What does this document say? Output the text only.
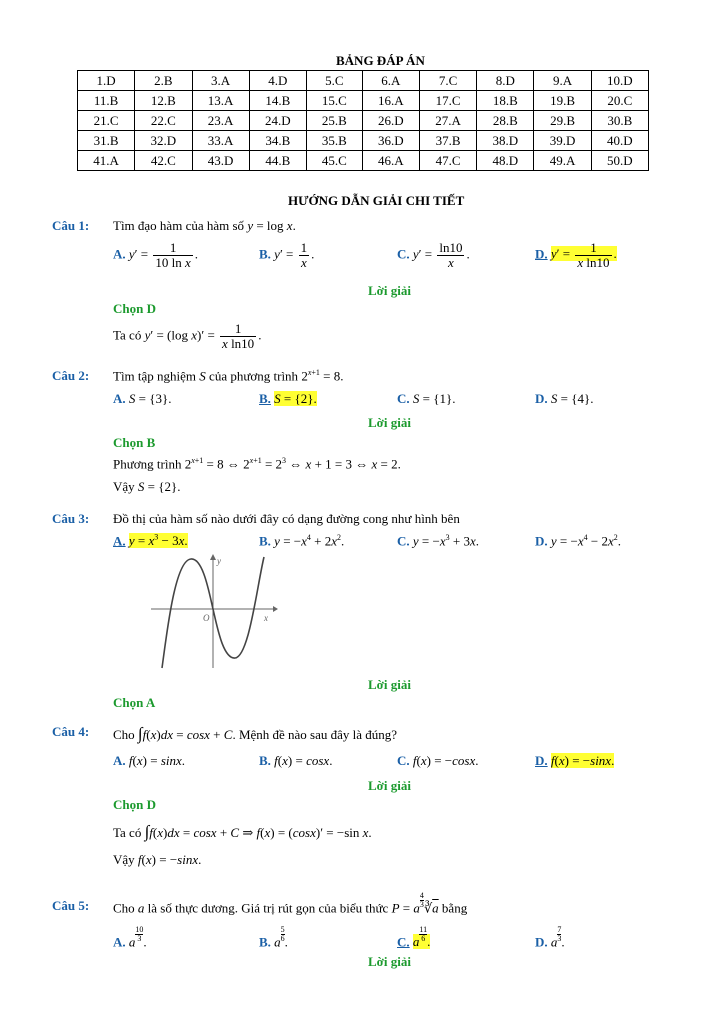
BẢNG ĐÁP ÁN
1.D	2.B	3.A	4.D	5.C	6.A	7.C	8.D	9.A	10.D
11.B	12.B	13.A	14.B	15.C	16.A	17.C	18.B	19.B	20.C
21.C	22.C	23.A	24.D	25.B	26.D	27.A	28.B	29.B	30.B
31.B	32.D	33.A	34.B	35.B	36.D	37.B	38.D	39.D	40.D
41.A	42.C	43.D	44.B	45.C	46.A	47.C	48.D	49.A	50.D
HƯỚNG DẪN GIẢI CHI TIẾT
Câu 1: Tìm đạo hàm của hàm số y = log x.
A. $y' = \frac{1}{\text{10 ln x}}$ .	B. $y' = \frac{1}{x}$ .	C. $y' = \frac{\ln 10}{x}$ .	D. $y' = \frac{1}{\text{x ln10}}$ .
Lời giải
Chọn D
Ta có y′ = (log $x)' = \frac{1}{\text{x ln10}}$ .
Câu 2: Tìm tập nghiệm S của phương trình $2^{x+1} = 8$.
A. S = {3}.	B. S = {2}.	C. S = {1}.	D. S = {4}.
Lời giải
Chọn B
Phương trình $2^{x+1} = 8$ ⇔ $2^{x+1} = 2^3$ ⇔ x + 1 = 3 ⇔ x = 2.
Vậy S = {2}.
Câu 3: Đồ thị của hàm số nào dưới đây có dạng đường cong như hình bên
A. $y = x^3 - 3x$.	B. $y = -x^4 + 2x^2$.	C. $y = -x^3 + 3x$.	D. $y = -x^4 - 2x^2$.
x
y
O
Lời giải
Chọn A
Câu 4: Cho ∫f(x)dx = cosx + C. Mệnh đề nào sau đây là đúng?
A. f(x) = sinx.	B. f(x) = cosx.	C. f(x) = −cosx.	D. f(x) = −sinx.
Lời giải
Chọn D
Ta có ∫f(x)dx = cosx + C ⇒ f(x) = (cosx)′ = −sin x.
Vậy f(x) = −sinx.
Câu 5: Cho a là số thực dương. Giá trị rút gọn của biểu thức P = a $\frac{4}{3}$ $∛\overline{a}$ bằng
A. a $\frac{10}{3}$ .	B. a $\frac{5}{6}$ .	C. a $\frac{11}{6}$ .	D. a $\frac{7}{3}$ .
Lời giải
